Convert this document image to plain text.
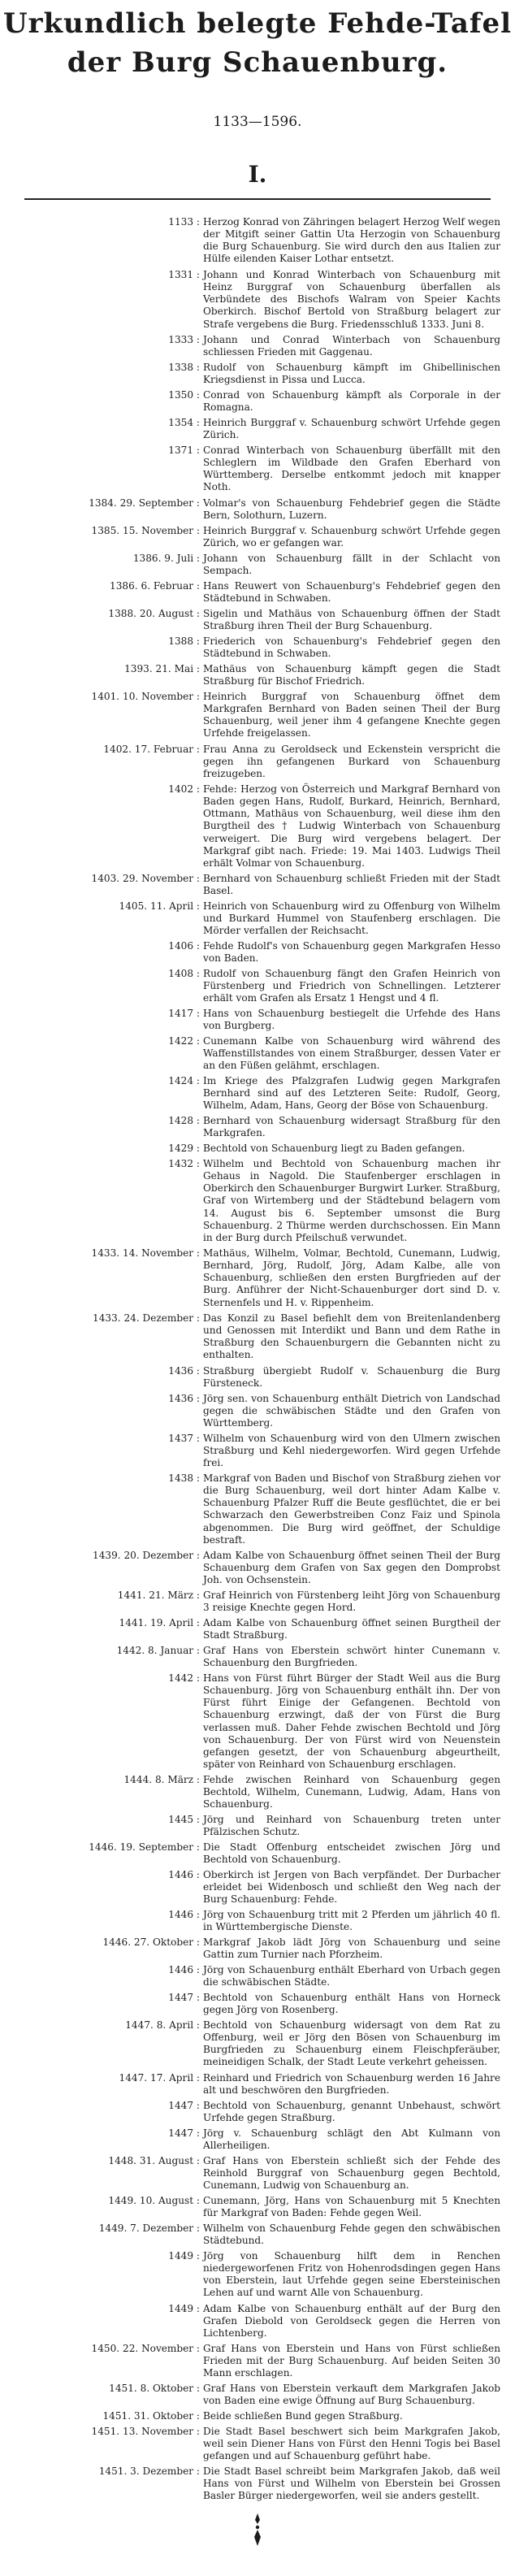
Urkundlich belegte Fehde-Tafel
der Burg Schauenburg.
1133—1596.
I.
1133 : Herzog Konrad von Zähringen belagert Herzog Welf wegen der Mitgift seiner Gattin Uta Herzogin von Schauenburg die Burg Schauenburg. Sie wird durch den aus Italien zur Hülfe eilenden Kaiser Lothar entsetzt.
1331 : Johann und Konrad Winterbach von Schauenburg mit Heinz Burggraf von Schauenburg überfallen als Verbündete des Bischofs Walram von Speier Kachts Oberkirch. Bischof Bertold von Straßburg belagert zur Strafe vergebens die Burg. Friedensschluß 1333. Juni 8.
1333 : Johann und Conrad Winterbach von Schauenburg schliessen Frieden mit Gaggenau.
1338 : Rudolf von Schauenburg kämpft im Ghibellinischen Kriegsdienst in Pissa und Lucca.
1350 : Conrad von Schauenburg kämpft als Corporale in der Romagna.
1354 : Heinrich Burggraf v. Schauenburg schwört Urfehde gegen Zürich.
1371 : Conrad Winterbach von Schauenburg überfällt mit den Schleglern im Wildbade den Grafen Eberhard von Württemberg. Derselbe entkommt jedoch mit knapper Noth.
1384. 29. September : Volmar's von Schauenburg Fehdebrief gegen die Städte Bern, Solothurn, Luzern.
1385. 15. November : Heinrich Burggraf v. Schauenburg schwört Urfehde gegen Zürich, wo er gefangen war.
1386. 9. Juli : Johann von Schauenburg fällt in der Schlacht von Sempach.
1386. 6. Februar : Hans Reuwert von Schauenburg's Fehdebrief gegen den Städtebund in Schwaben.
1388. 20. August : Sigelin und Mathäus von Schauenburg öffnen der Stadt Straßburg ihren Theil der Burg Schauenburg.
1388 : Friederich von Schauenburg's Fehdebrief gegen den Städtebund in Schwaben.
1393. 21. Mai : Mathäus von Schauenburg kämpft gegen die Stadt Straßburg für Bischof Friedrich.
1401. 10. November : Heinrich Burggraf von Schauenburg öffnet dem Markgrafen Bernhard von Baden seinen Theil der Burg Schauenburg, weil jener ihm 4 gefangene Knechte gegen Urfehde freigelassen.
1402. 17. Februar : Frau Anna zu Geroldseck und Eckenstein verspricht die gegen ihn gefangenen Burkard von Schauenburg freizugeben.
1402 : Fehde: Herzog von Österreich und Markgraf Bernhard von Baden gegen Hans, Rudolf, Burkard, Heinrich, Bernhard, Ottmann, Mathäus von Schauenburg, weil diese ihm den Burgtheil des † Ludwig Winterbach von Schauenburg verweigert. Die Burg wird vergebens belagert. Der Markgraf gibt nach. Friede: 19. Mai 1403. Ludwigs Theil erhält Volmar von Schauenburg.
1403. 29. November : Bernhard von Schauenburg schließt Frieden mit der Stadt Basel.
1405. 11. April : Heinrich von Schauenburg wird zu Offenburg von Wilhelm und Burkard Hummel von Staufenberg erschlagen. Die Mörder verfallen der Reichsacht.
1406 : Fehde Rudolf's von Schauenburg gegen Markgrafen Hesso von Baden.
1408 : Rudolf von Schauenburg fängt den Grafen Heinrich von Fürstenberg und Friedrich von Schnellingen. Letzterer erhält vom Grafen als Ersatz 1 Hengst und 4 fl.
1417 : Hans von Schauenburg bestiegelt die Urfehde des Hans von Burgberg.
1422 : Cunemann Kalbe von Schauenburg wird während des Waffenstillstandes von einem Straßburger, dessen Vater er an den Füßen gelähmt, erschlagen.
1424 : Im Kriege des Pfalzgrafen Ludwig gegen Markgrafen Bernhard sind auf des Letzteren Seite: Rudolf, Georg, Wilhelm, Adam, Hans, Georg der Böse von Schauenburg.
1428 : Bernhard von Schauenburg widersagt Straßburg für den Markgrafen.
1429 : Bechtold von Schauenburg liegt zu Baden gefangen.
1432 : Wilhelm und Bechtold von Schauenburg machen ihr Gehaus in Nagold. Die Staufenberger erschlagen in Oberkirch den Schauenburger Burgwirt Lurker. Straßburg, Graf von Wirtemberg und der Städtebund belagern vom 14. August bis 6. September umsonst die Burg Schauenburg. 2 Thürme werden durchschossen. Ein Mann in der Burg durch Pfeilschuß verwundet.
1433. 14. November : Mathäus, Wilhelm, Volmar, Bechtold, Cunemann, Ludwig, Bernhard, Jörg, Rudolf, Jörg, Adam Kalbe, alle von Schauenburg, schließen den ersten Burgfrieden auf der Burg. Anführer der Nicht-Schauenburger dort sind D. v. Sternenfels und H. v. Rippenheim.
1433. 24. Dezember : Das Konzil zu Basel befiehlt dem von Breitenlandenberg und Genossen mit Interdikt und Bann und dem Rathe in Straßburg den Schauenburgern die Gebannten nicht zu enthalten.
1436 : Straßburg übergiebt Rudolf v. Schauenburg die Burg Fürsteneck.
1436 : Jörg sen. von Schauenburg enthält Dietrich von Landschad gegen die schwäbischen Städte und den Grafen von Württemberg.
1437 : Wilhelm von Schauenburg wird von den Ulmern zwischen Straßburg und Kehl niedergeworfen. Wird gegen Urfehde frei.
1438 : Markgraf von Baden und Bischof von Straßburg ziehen vor die Burg Schauenburg, weil dort hinter Adam Kalbe v. Schauenburg Pfalzer Ruff die Beute gesflüchtet, die er bei Schwarzach den Gewerbstreiben Conz Faiz und Spinola abgenommen. Die Burg wird geöffnet, der Schuldige bestraft.
1439. 20. Dezember : Adam Kalbe von Schauenburg öffnet seinen Theil der Burg Schauenburg dem Grafen von Sax gegen den Domprobst Joh. von Ochsenstein.
1441. 21. März : Graf Heinrich von Fürstenberg leiht Jörg von Schauenburg 3 reisige Knechte gegen Hord.
1441. 19. April : Adam Kalbe von Schauenburg öffnet seinen Burgtheil der Stadt Straßburg.
1442. 8. Januar : Graf Hans von Eberstein schwört hinter Cunemann v. Schauenburg den Burgfrieden.
1442 : Hans von Fürst führt Bürger der Stadt Weil aus die Burg Schauenburg. Jörg von Schauenburg enthält ihn. Der von Fürst führt Einige der Gefangenen. Bechtold von Schauenburg erzwingt, daß der von Fürst die Burg verlassen muß. Daher Fehde zwischen Bechtold und Jörg von Schauenburg. Der von Fürst wird von Neuenstein gefangen gesetzt, der von Schauenburg abgeurtheilt, später von Reinhard von Schauenburg erschlagen.
1444. 8. März : Fehde zwischen Reinhard von Schauenburg gegen Bechtold, Wilhelm, Cunemann, Ludwig, Adam, Hans von Schauenburg.
1445 : Jörg und Reinhard von Schauenburg treten unter Pfälzischen Schutz.
1446. 19. September : Die Stadt Offenburg entscheidet zwischen Jörg und Bechtold von Schauenburg.
1446 : Oberkirch ist Jergen von Bach verpfändet. Der Durbacher erleidet bei Widenbosch und schließt den Weg nach der Burg Schauenburg: Fehde.
1446 : Jörg von Schauenburg tritt mit 2 Pferden um jährlich 40 fl. in Württembergische Dienste.
1446. 27. Oktober : Markgraf Jakob lädt Jörg von Schauenburg und seine Gattin zum Turnier nach Pforzheim.
1446 : Jörg von Schauenburg enthält Eberhard von Urbach gegen die schwäbischen Städte.
1447 : Bechtold von Schauenburg enthält Hans von Horneck gegen Jörg von Rosenberg.
1447. 8. April : Bechtold von Schauenburg widersagt von dem Rat zu Offenburg, weil er Jörg den Bösen von Schauenburg im Burgfrieden zu Schauenburg einem Fleischpferäuber, meineidigen Schalk, der Stadt Leute verkehrt geheissen.
1447. 17. April : Reinhard und Friedrich von Schauenburg werden 16 Jahre alt und beschwören den Burgfrieden.
1447 : Bechtold von Schauenburg, genannt Unbehaust, schwört Urfehde gegen Straßburg.
1447 : Jörg v. Schauenburg schlägt den Abt Kulmann von Allerheiligen.
1448. 31. August : Graf Hans von Eberstein schließt sich der Fehde des Reinhold Burggraf von Schauenburg gegen Bechtold, Cunemann, Ludwig von Schauenburg an.
1449. 10. August : Cunemann, Jörg, Hans von Schauenburg mit 5 Knechten für Markgraf von Baden: Fehde gegen Weil.
1449. 7. Dezember : Wilhelm von Schauenburg Fehde gegen den schwäbischen Städtebund.
1449 : Jörg von Schauenburg hilft dem in Renchen niedergeworfenen Fritz von Hohenrodsdingen gegen Hans von Eberstein, laut Urfehde gegen seine Ebersteinischen Lehen auf und warnt Alle von Schauenburg.
1449 : Adam Kalbe von Schauenburg enthält auf der Burg den Grafen Diebold von Geroldseck gegen die Herren von Lichtenberg.
1450. 22. November : Graf Hans von Eberstein und Hans von Fürst schließen Frieden mit der Burg Schauenburg. Auf beiden Seiten 30 Mann erschlagen.
1451. 8. Oktober : Graf Hans von Eberstein verkauft dem Markgrafen Jakob von Baden eine ewige Öffnung auf Burg Schauenburg.
1451. 31. Oktober : Beide schließen Bund gegen Straßburg.
1451. 13. November : Die Stadt Basel beschwert sich beim Markgrafen Jakob, weil sein Diener Hans von Fürst den Henni Togis bei Basel gefangen und auf Schauenburg geführt habe.
1451. 3. Dezember : Die Stadt Basel schreibt beim Markgrafen Jakob, daß weil Hans von Fürst und Wilhelm von Eberstein bei Grossen Basler Bürger niedergeworfen, weil sie anders gestellt.
